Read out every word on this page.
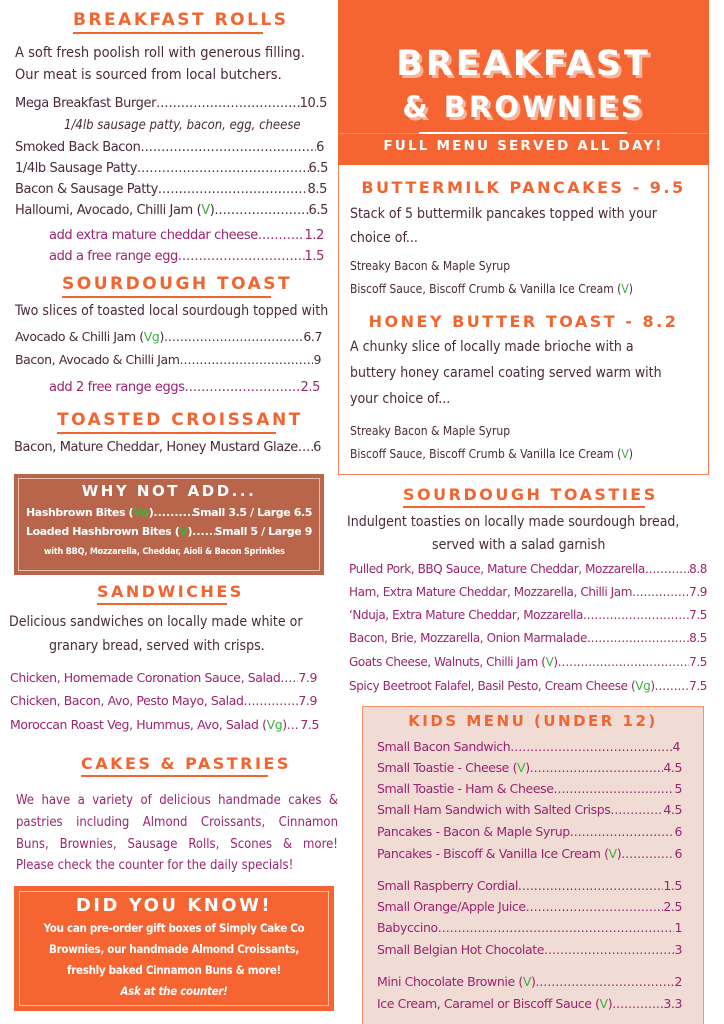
BREAKFAST ROLLS
A soft fresh poolish roll with generous filling.
Our meat is sourced from local butchers.
Mega Breakfast Burger .....	10.5
1/4lb sausage patty, bacon, egg, cheese
Smoked Back Bacon .....	6
1/4lb Sausage Patty .....	6.5
Bacon & Sausage Patty .....	8.5
Halloumi, Avocado, Chilli Jam (V) .....	6.5
add extra mature cheddar cheese .....	1.2
add a free range egg .....	1.5
SOURDOUGH TOAST
Two slices of toasted local sourdough topped with
Avocado & Chilli Jam (Vg) .....	6.7
Bacon, Avocado & Chilli Jam .....	9
add 2 free range eggs .....	2.5
TOASTED CROISSANT
Bacon, Mature Cheddar, Honey Mustard Glaze ..... 6
WHY NOT ADD...
Hashbrown Bites (Vg) .....	Small 3.5 / Large 6.5
Loaded Hashbrown Bites (V) ..... Small 5 / Large 9
with BBQ, Mozzarella, Cheddar, Aioli & Bacon Sprinkles
SANDWICHES
Delicious sandwiches on locally made white or
granary bread, served with crisps.
Chicken, Homemade Coronation Sauce, Salad ..... 7.9
Chicken, Bacon, Avo, Pesto Mayo, Salad .....	7.9
Moroccan Roast Veg, Hummus, Avo, Salad (Vg) ..... 7.5
CAKES & PASTRIES
We have a variety of delicious handmade cakes &
pastries including Almond Croissants, Cinnamon
Buns, Brownies, Sausage Rolls, Scones & more!
Please check the counter for the daily specials!
DID YOU KNOW!
You can pre-order gift boxes of Simply Cake Co
Brownies, our handmade Almond Croissants,
freshly baked Cinnamon Buns & more!
Ask at the counter!
BREAKFAST
& BROWNIES
FULL MENU SERVED ALL DAY!
BUTTERMILK PANCAKES - 9.5
Stack of 5 buttermilk pancakes topped with your
choice of...
Streaky Bacon & Maple Syrup
Biscoff Sauce, Biscoff Crumb & Vanilla Ice Cream (V)
HONEY BUTTER TOAST - 8.2
A chunky slice of locally made brioche with a
buttery honey caramel coating served warm with
your choice of...
Streaky Bacon & Maple Syrup
Biscoff Sauce, Biscoff Crumb & Vanilla Ice Cream (V)
SOURDOUGH TOASTIES
Indulgent toasties on locally made sourdough bread,
served with a salad garnish
Pulled Pork, BBQ Sauce, Mature Cheddar, Mozzarella .....	8.8
Ham, Extra Mature Cheddar, Mozzarella, Chilli Jam .....	7.9
‘Nduja, Extra Mature Cheddar, Mozzarella .....	7.5
Bacon, Brie, Mozzarella, Onion Marmalade .....	8.5
Goats Cheese, Walnuts, Chilli Jam (V) .....	7.5
Spicy Beetroot Falafel, Basil Pesto, Cream Cheese (Vg) .....	7.5
KIDS MENU (UNDER 12)
Small Bacon Sandwich .....	4
Small Toastie - Cheese (V) .....	4.5
Small Toastie - Ham & Cheese .....	5
Small Ham Sandwich with Salted Crisps .....	4.5
Pancakes - Bacon & Maple Syrup .....	6
Pancakes - Biscoff & Vanilla Ice Cream (V) .....	6
Small Raspberry Cordial .....	1.5
Small Orange/Apple Juice .....	2.5
Babyccino .....	1
Small Belgian Hot Chocolate .....	3
Mini Chocolate Brownie (V) .....	2
Ice Cream, Caramel or Biscoff Sauce (V) .....	3.3
